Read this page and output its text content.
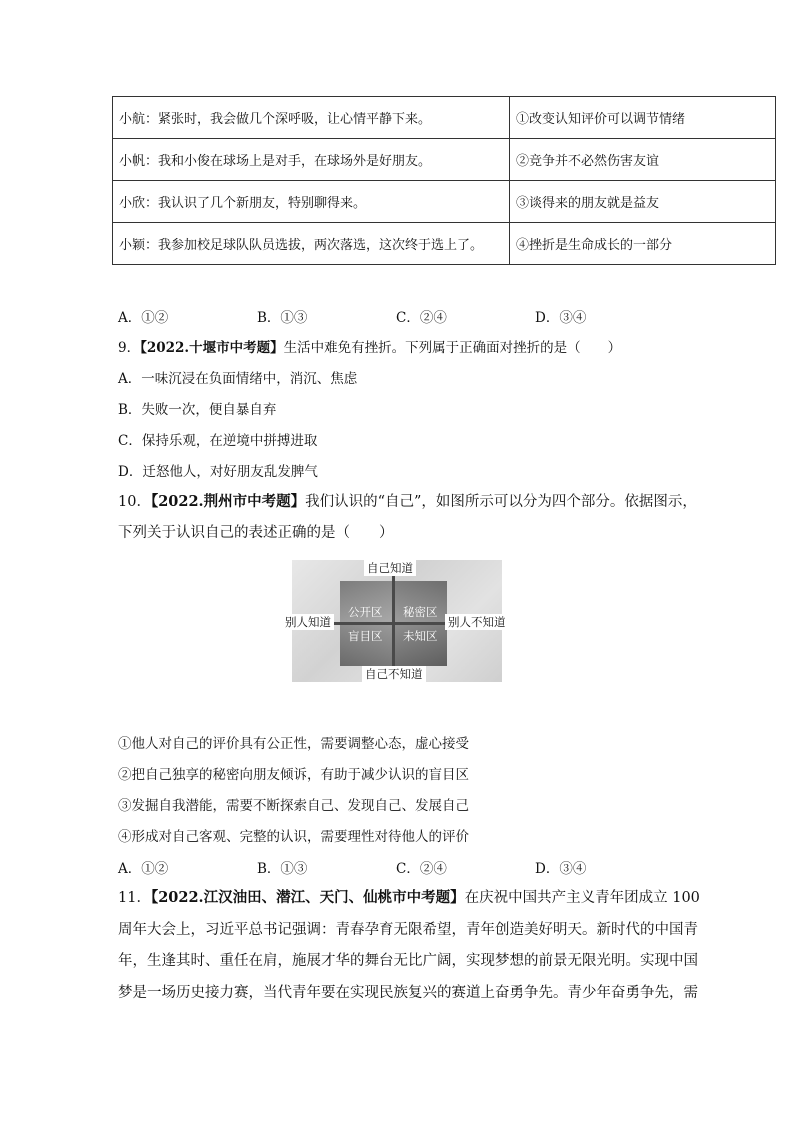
小航：紧张时，我会做几个深呼吸，让心情平静下来。	①改变认知评价可以调节情绪
小帆：我和小俊在球场上是对手，在球场外是好朋友。	②竞争并不必然伤害友谊
小欣：我认识了几个新朋友，特别聊得来。	③谈得来的朋友就是益友
小颖：我参加校足球队队员选拔，两次落选，这次终于选上了。	④挫折是生命成长的一部分
A．①②	B．①③	C．②④	D．③④
9．【2022.十堰市中考题】生活中难免有挫折。下列属于正确面对挫折的是（　　）
A．一味沉浸在负面情绪中，消沉、焦虑
B．失败一次，便自暴自弃
C．保持乐观，在逆境中拼搏进取
D．迁怒他人，对好朋友乱发脾气
10．【2022.荆州市中考题】我们认识的“自己”，如图所示可以分为四个部分。依据图示，
下列关于认识自己的表述正确的是（　　）
自己知道
自己不知道
别人知道	别人不知道
公开区 秘密区
盲目区 未知区
①他人对自己的评价具有公正性，需要调整心态，虚心接受
②把自己独享的秘密向朋友倾诉，有助于减少认识的盲目区
③发掘自我潜能，需要不断探索自己、发现自己、发展自己
④形成对自己客观、完整的认识，需要理性对待他人的评价
A．①②	B．①③	C．②④	D．③④
11．【2022.江汉油田、潜江、天门、仙桃市中考题】在庆祝中国共产主义青年团成立 100
周年大会上，习近平总书记强调：青春孕育无限希望，青年创造美好明天。新时代的中国青
年，生逢其时、重任在肩，施展才华的舞台无比广阔，实现梦想的前景无限光明。实现中国
梦是一场历史接力赛，当代青年要在实现民族复兴的赛道上奋勇争先。青少年奋勇争先，需
